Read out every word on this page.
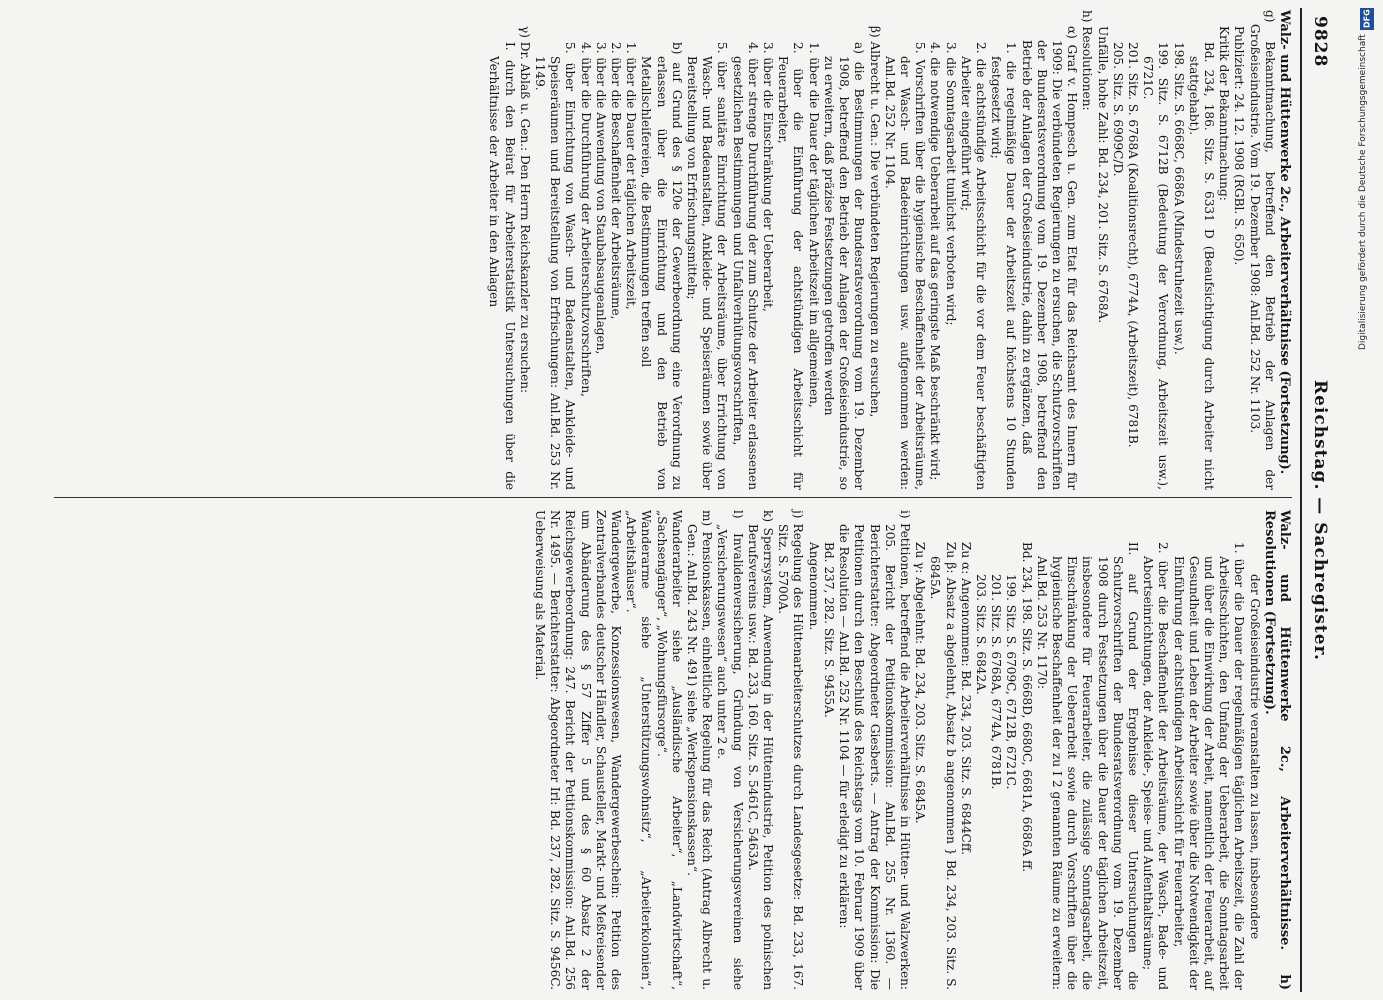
9828
Reichstag. — Sachregister.

Walz- und Hüttenwerke 2c., Arbeiterverhältnisse (Fortsetzung).

g) Bekanntmachung, betreffend den Betrieb der Anlagen der Großeiseindustrie. Vom 19. Dezember 1908: Anl.Bd. 252 Nr. 1103.

Publiziert: 24. 12. 1908 (RGBl. S. 650).

Kritik der Bekanntmachung:

Bd. 234, 186. Sitz. S. 6331 D (Beaufsichtigung durch Arbeiter nicht stattgehabt).

198. Sitz. S. 6668C, 6686A (Mindestruhezeit usw.).

199. Sitz. S. 6712B (Bedeutung der Verordnung, Arbeitszeit usw.), 6721C.

201. Sitz. S. 6768A (Koalitionsrecht), 6774A, (Arbeitszeit), 6781B.

205. Sitz. S. 6909C/D.

Unfälle, hohe Zahl: Bd. 234, 201. Sitz. S. 6768A.

h) Resolutionen:

α) Graf v. Hompesch u. Gen. zum Etat für das Reichsamt des Innern für 1909: Die verbündeten Regierungen zu ersuchen, die Schutzvorschriften der Bundesratsverordnung vom 19. Dezember 1908, betreffend den Betrieb der Anlagen der Großeiseindustrie, dahin zu ergänzen, daß

1. die regelmäßige Dauer der Arbeitszeit auf höchstens 10 Stunden festgesetzt wird;

2. die achtstündige Arbeitsschicht für die vor dem Feuer beschäftigten Arbeiter eingeführt wird;

3. die Sonntagsarbeit tunlichst verboten wird;

4. die notwendige Ueberarbeit auf das geringste Maß beschränkt wird;

5. Vorschriften über die hygienische Beschaffenheit der Arbeitsräume, der Wasch- und Badeeinrichtungen usw. aufgenommen werden: Anl.Bd. 252 Nr. 1104.

β) Albrecht u. Gen.: Die verbündeten Regierungen zu ersuchen,

a) die Bestimmungen der Bundesratsverordnung vom 19. Dezember 1908, betreffend den Betrieb der Anlagen der Großeiseindustrie, so zu erweitern, daß präzise Festsetzungen getroffen werden

1. über die Dauer der täglichen Arbeitszeit im allgemeinen,

2. über die Einführung der achtstündigen Arbeitsschicht für Feuerarbeiter,

3. über die Einschränkung der Ueberarbeit,

4. über strenge Durchführung der zum Schutze der Arbeiter erlassenen gesetzlichen Bestimmungen und Unfallverhütungsvorschriften,

5. über sanitäre Einrichtung der Arbeitsräume, über Errichtung von Wasch- und Badeanstalten, Ankleide- und Speiseräumen sowie über Bereitstellung von Erfrischungsmitteln;

b) auf Grund des § 120e der Gewerbeordnung eine Verordnung zu erlassen über die Einrichtung und den Betrieb von Metallschleifereien, die Bestimmungen treffen soll

1. über die Dauer der täglichen Arbeitszeit,

2. über die Beschaffenheit der Arbeitsräume,

3. über die Anwendung von Staubabsaugeanlagen,

4. über die Durchführung der Arbeiterschutzvorschriften,

5. über Einrichtung von Wasch- und Badeanstalten, Ankleide- und Speiseräumen und Bereitstellung von Erfrischungen: Anl.Bd. 253 Nr. 1149.

γ) Dr. Ablaß u. Gen.: Den Herrn Reichskanzler zu ersuchen:

I. durch den Beirat für Arbeiterstatistik Untersuchungen über die Verhältnisse der Arbeiter in den Anlagen

Walz- und Hüttenwerke 2c., Arbeiterverhältnisse. h) Resolutionen (Fortsetzung).

der Großeiseindustrie veranstalten zu lassen, insbesondere

1. über die Dauer der regelmäßigen täglichen Arbeitszeit, die Zahl der Arbeitsschichten, den Umfang der Ueberarbeit, die Sonntagsarbeit und über die Einwirkung der Arbeit, namentlich der Feuerarbeit, auf Gesundheit und Leben der Arbeiter sowie über die Notwendigkeit der Einführung der achtstündigen Arbeitsschicht für Feuerarbeiter,

2. über die Beschaffenheit der Arbeitsräume, der Wasch-, Bade- und Abortseinrichtungen, der Ankleide-, Speise- und Aufenthaltsräume;

II. auf Grund der Ergebnisse dieser Untersuchungen die Schutzvorschriften der Bundesratsverordnung vom 19. Dezember 1908 durch Festsetzungen über die Dauer der täglichen Arbeitszeit, insbesondere für Feuerarbeiter, die zulässige Sonntagsarbeit, die Einschränkung der Ueberarbeit sowie durch Vorschriften über die hygienische Beschaffenheit der zu I 2 genannten Räume zu erweitern: Anl.Bd. 253 Nr. 1170:

Bd. 234, 198. Sitz. S. 6668D, 6680C, 6681A, 6686A ff.

199. Sitz. S. 6709C, 6712B, 6721C.

201. Sitz. S. 6768A, 6774A, 6781B.

203. Sitz. S. 6842A.

Zu α: Angenommen: Bd. 234, 203. Sitz. S. 6844Cff.

Zu β: Absatz a abgelehnt, Absatz b angenommen } Bd. 234, 203. Sitz. S. 6845A.

Zu γ: Abgelehnt: Bd. 234, 203. Sitz. S. 6845A.

i) Petitionen, betreffend die Arbeiterverhältnisse in Hütten- und Walzwerken: 205. Bericht der Petitionskommission: Anl.Bd. 255 Nr. 1360. — Berichterstatter: Abgeordneter Giesberts. — Antrag der Kommission: Die Petitionen durch den Beschluß des Reichstags vom 10. Februar 1909 über die Resolution — Anl.Bd. 252 Nr. 1104 — für erledigt zu erklären:

Bd. 237, 282. Sitz. S. 9455A.

Angenommen.

j) Regelung des Hüttenarbeiterschutzes durch Landesgesetze: Bd. 233, 167. Sitz. S. 5700A.

k) Sperrsystem, Anwendung in der Hüttenindustrie, Petition des polnischen Berufsvereins usw.: Bd. 233, 160. Sitz. S. 5461C, 5463A.

l) Invalidenversicherung, Gründung von Versicherungsvereinen siehe „Versicherungswesen“ auch unter 2 e.

m) Pensionskassen, einheitliche Regelung für das Reich (Antrag Albrecht u. Gen.: Anl.Bd. 243 Nr. 491) siehe „Werkspensionskassen“.

Wanderarbeiter siehe „Ausländische Arbeiter“, „Landwirtschaft“, „Sachsengänger“, „Wohnungsfürsorge“.

Wanderarme siehe „Unterstützungswohnsitz“, „Arbeiterkolonien“, „Arbeitshäuser“.

Wandergewerbe, Konzessionswesen, Wandergewerbeschein: Petition des Zentralverbandes deutscher Händler, Schausteller, Markt- und Meßreisender um Abänderung des § 57 Ziffer 5 und des § 60 Absatz 2 der Reichsgewerbeordnung: 247. Bericht der Petitionskommission: Anl.Bd. 256 Nr. 1495. — Berichterstatter: Abgeordneter Irl: Bd. 237, 282. Sitz. S. 9456C. Ueberweisung als Material.

DFG
Digitalisierung gefördert durch die Deutsche Forschungsgemeinschaft
